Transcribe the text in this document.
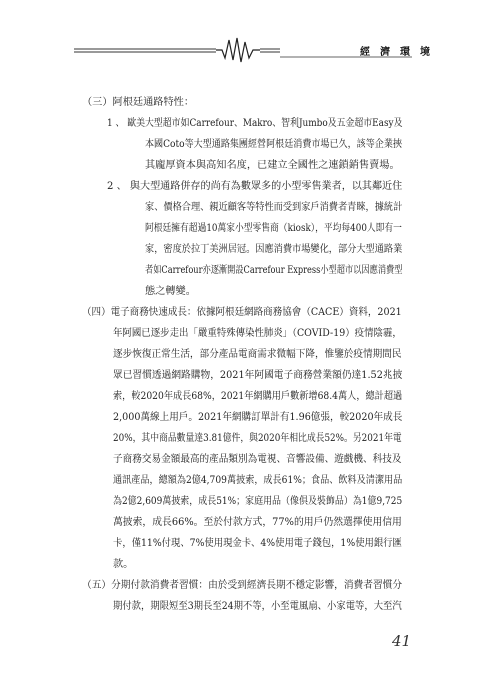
經濟環境
（三）阿根廷通路特性：
1 、 歐美大型超市如Carrefour、Makro、智利Jumbo及五金超市Easy及
本國Coto等大型通路集團經營阿根廷消費市場已久，該等企業挾
其龐厚資本與高知名度，已建立全國性之連鎖銷售賣場。
2 、 與大型通路併存的尚有為數眾多的小型零售業者，以其鄰近住
家、價格合理、親近顧客等特性而受到家戶消費者青睞，據統計
阿根廷擁有超過10萬家小型零售商（kiosk），平均每400人即有一
家，密度於拉丁美洲居冠。因應消費市場變化，部分大型通路業
者如Carrefour亦逐漸開設Carrefour Express小型超市以因應消費型
態之轉變。
（四）電子商務快速成長：依據阿根廷網路商務協會（CACE）資料，2021
年阿國已逐步走出「嚴重特殊傳染性肺炎」（COVID-19）疫情陰霾，
逐步恢復正常生活，部分產品電商需求微幅下降，惟鑒於疫情期間民
眾已習慣透過網路購物，2021年阿國電子商務營業額仍達1.52兆披
索，較2020年成長68%，2021年網購用戶數新增68.4萬人，總計超過
2,000萬線上用戶。2021年網購訂單計有1.96億張，較2020年成長
20%，其中商品數量達3.81億件，與2020年相比成長52%。另2021年電
子商務交易金額最高的產品類別為電視、音響設備、遊戲機、科技及
通訊產品，總額為2億4,709萬披索，成長61%；食品、飲料及清潔用品
為2億2,609萬披索，成長51%；家庭用品（像俱及裝飾品）為1億9,725
萬披索，成長66%。至於付款方式，77%的用戶仍然選擇使用信用
卡，僅11%付現、7%使用現金卡、4%使用電子錢包，1%使用銀行匯
款。
（五）分期付款消費者習慣：由於受到經濟長期不穩定影響，消費者習慣分
期付款，期限短至3期長至24期不等，小至電風扇、小家電等，大至汽
41
